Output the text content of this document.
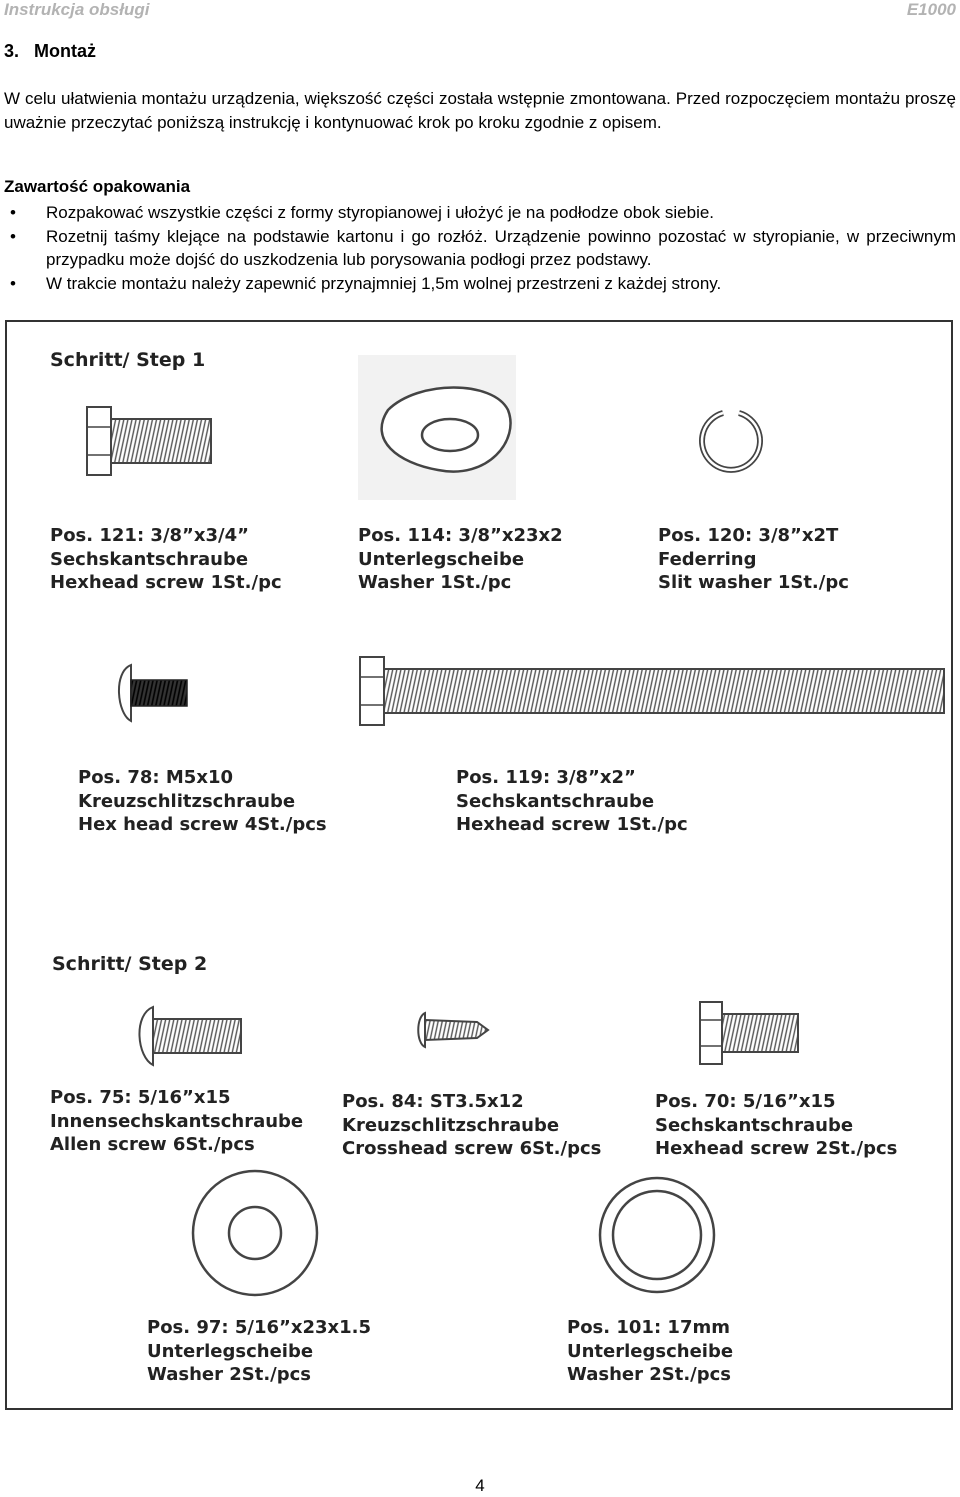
Instrukcja obsługi	E1000
3.   Montaż
W celu ułatwienia montażu urządzenia, większość części została wstępnie zmontowana. Przed rozpoczęciem montażu proszę uważnie przeczytać poniższą instrukcję i kontynuować krok po kroku zgodnie z opisem.
Zawartość opakowania
• Rozpakować wszystkie części z formy styropianowej i ułożyć je na podłodze obok siebie.
• Rozetnij taśmy klejące na podstawie kartonu i go rozłóż. Urządzenie powinno pozostać w styropianie, w przeciwnym przypadku może dojść do uszkodzenia lub porysowania podłogi przez podstawy.
• W trakcie montażu należy zapewnić przynajmniej 1,5m wolnej przestrzeni z każdej strony.
Schritt/ Step 1
Schritt/ Step 2
Pos. 121: 3/8”x3/4”
Sechskantschraube
Hexhead screw 1St./pc
Pos. 114: 3/8”x23x2
Unterlegscheibe
Washer 1St./pc
Pos. 120: 3/8”x2T
Federring
Slit washer 1St./pc
Pos. 78: M5x10
Kreuzschlitzschraube
Hex head screw 4St./pcs
Pos. 119: 3/8”x2”
Sechskantschraube
Hexhead screw 1St./pc
Pos. 75: 5/16”x15
Innensechskantschraube
Allen screw 6St./pcs
Pos. 84: ST3.5x12
Kreuzschlitzschraube
Crosshead screw 6St./pcs
Pos. 70: 5/16”x15
Sechskantschraube
Hexhead screw 2St./pcs
Pos. 97: 5/16”x23x1.5
Unterlegscheibe
Washer 2St./pcs
Pos. 101: 17mm
Unterlegscheibe
Washer 2St./pcs
4
